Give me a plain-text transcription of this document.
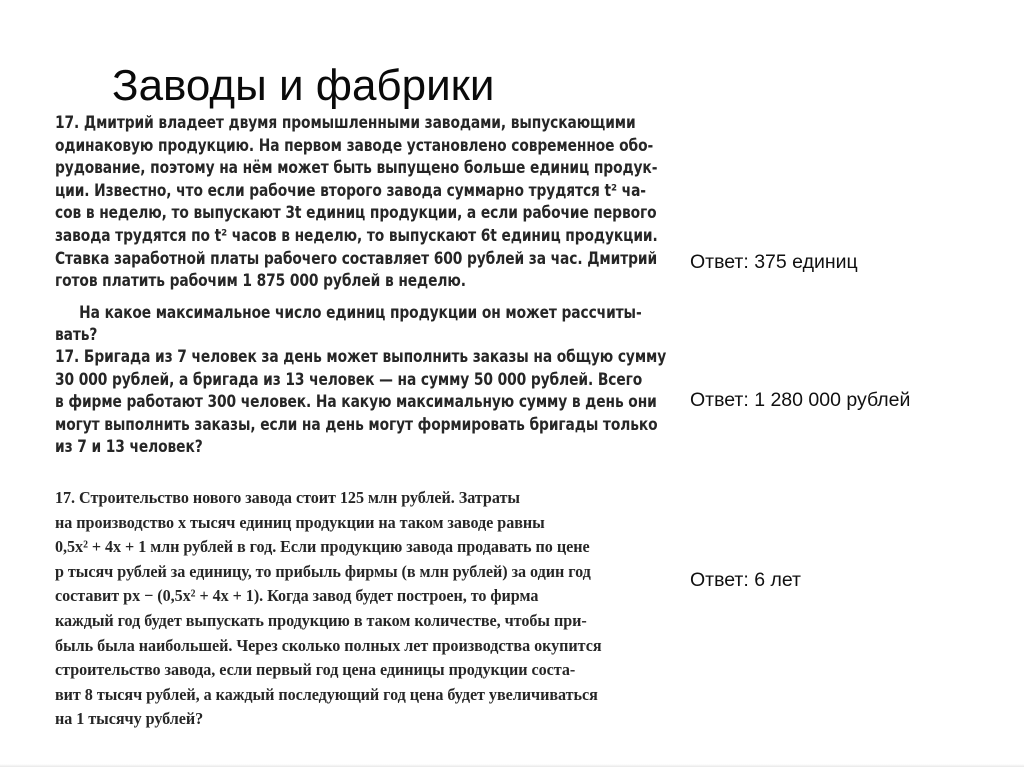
Заводы и фабрики
17. Дмитрий владеет двумя промышленными заводами, выпускающими
одинаковую продукцию. На первом заводе установлено современное обо-
рудование, поэтому на нём может быть выпущено больше единиц продук-
ции. Известно, что если рабочие второго завода суммарно трудятся t² ча-
сов в неделю, то выпускают 3t единиц продукции, а если рабочие первого
завода трудятся по t² часов в неделю, то выпускают 6t единиц продукции.
Ставка заработной платы рабочего составляет 600 рублей за час. Дмитрий
готов платить рабочим 1 875 000 рублей в неделю.
На какое максимальное число единиц продукции он может рассчиты-
вать?
17. Бригада из 7 человек за день может выполнить заказы на общую сумму
30 000 рублей, а бригада из 13 человек — на сумму 50 000 рублей. Всего
в фирме работают 300 человек. На какую максимальную сумму в день они
могут выполнить заказы, если на день могут формировать бригады только
из 7 и 13 человек?
17. Строительство нового завода стоит 125 млн рублей. Затраты
на производство x тысяч единиц продукции на таком заводе равны
0,5x² + 4x + 1 млн рублей в год. Если продукцию завода продавать по цене
p тысяч рублей за единицу, то прибыль фирмы (в млн рублей) за один год
составит px − (0,5x² + 4x + 1). Когда завод будет построен, то фирма
каждый год будет выпускать продукцию в таком количестве, чтобы при-
быль была наибольшей. Через сколько полных лет производства окупится
строительство завода, если первый год цена единицы продукции соста-
вит 8 тысяч рублей, а каждый последующий год цена будет увеличиваться
на 1 тысячу рублей?
Ответ: 375 единиц
Ответ: 1 280 000 рублей
Ответ: 6 лет
